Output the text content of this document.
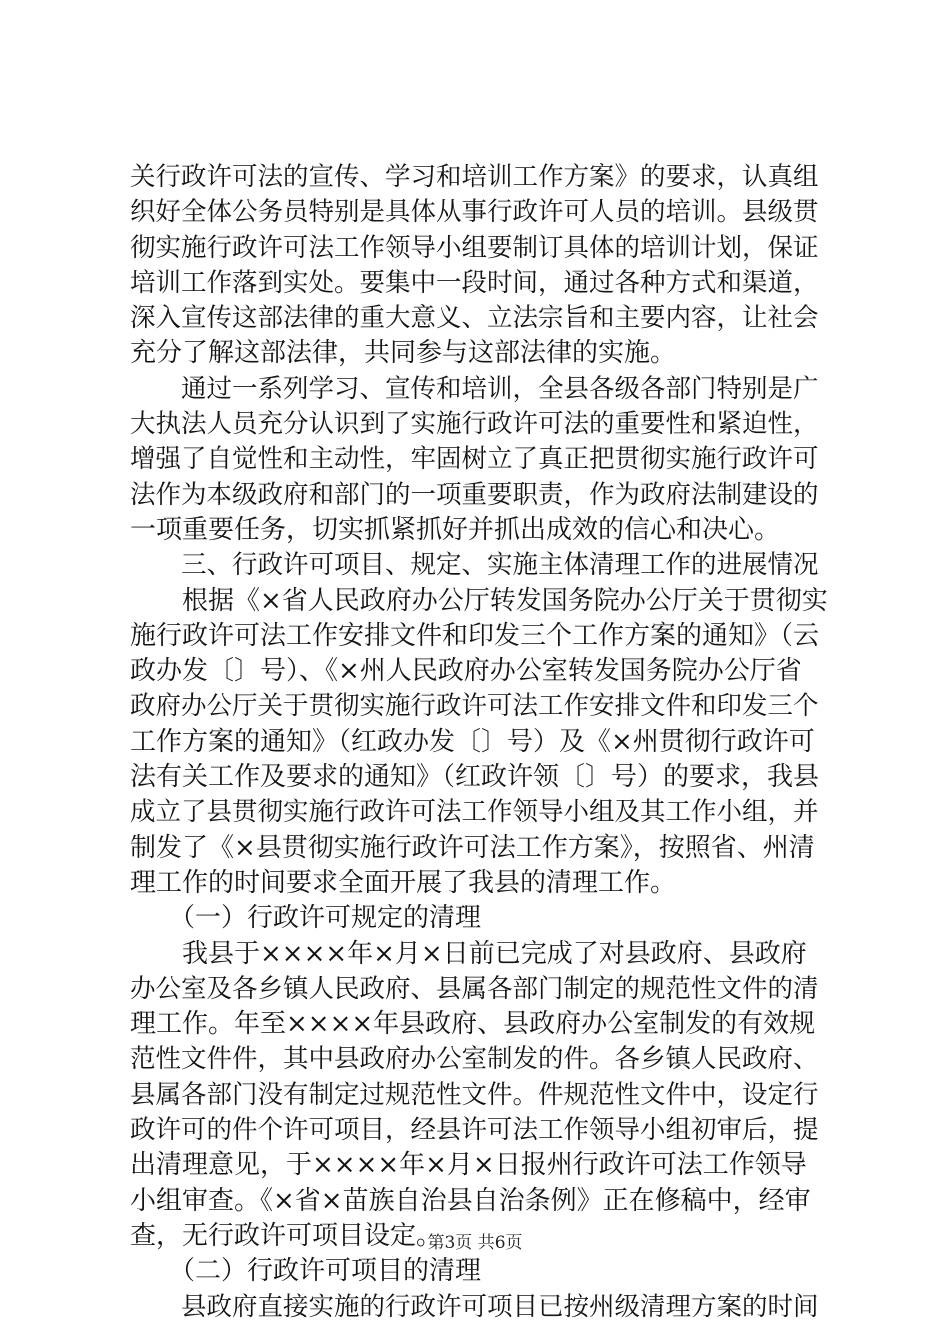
关行政许可法的宣传、学习和培训工作方案》的要求，认真组
织好全体公务员特别是具体从事行政许可人员的培训。县级贯
彻实施行政许可法工作领导小组要制订具体的培训计划，保证
培训工作落到实处。要集中一段时间，通过各种方式和渠道，
深入宣传这部法律的重大意义、立法宗旨和主要内容，让社会
充分了解这部法律，共同参与这部法律的实施。
　　通过一系列学习、宣传和培训，全县各级各部门特别是广
大执法人员充分认识到了实施行政许可法的重要性和紧迫性，
增强了自觉性和主动性，牢固树立了真正把贯彻实施行政许可
法作为本级政府和部门的一项重要职责，作为政府法制建设的
一项重要任务，切实抓紧抓好并抓出成效的信心和决心。
　　三、行政许可项目、规定、实施主体清理工作的进展情况
　　根据《×省人民政府办公厅转发国务院办公厅关于贯彻实
施行政许可法工作安排文件和印发三个工作方案的通知》（云
政办发〔〕号）、《×州人民政府办公室转发国务院办公厅省
政府办公厅关于贯彻实施行政许可法工作安排文件和印发三个
工作方案的通知》（红政办发〔〕号）及《×州贯彻行政许可
法有关工作及要求的通知》（红政许领〔〕号）的要求，我县
成立了县贯彻实施行政许可法工作领导小组及其工作小组，并
制发了《×县贯彻实施行政许可法工作方案》，按照省、州清
理工作的时间要求全面开展了我县的清理工作。
　　（一）行政许可规定的清理
　　我县于××××年×月×日前已完成了对县政府、县政府
办公室及各乡镇人民政府、县属各部门制定的规范性文件的清
理工作。年至××××年县政府、县政府办公室制发的有效规
范性文件件，其中县政府办公室制发的件。各乡镇人民政府、
县属各部门没有制定过规范性文件。件规范性文件中，设定行
政许可的件个许可项目，经县许可法工作领导小组初审后，提
出清理意见，于××××年×月×日报州行政许可法工作领导
小组审查。《×省×苗族自治县自治条例》正在修稿中，经审
查，无行政许可项目设定。
　　（二）行政许可项目的清理
　　县政府直接实施的行政许可项目已按州级清理方案的时间
第3页 共6页
